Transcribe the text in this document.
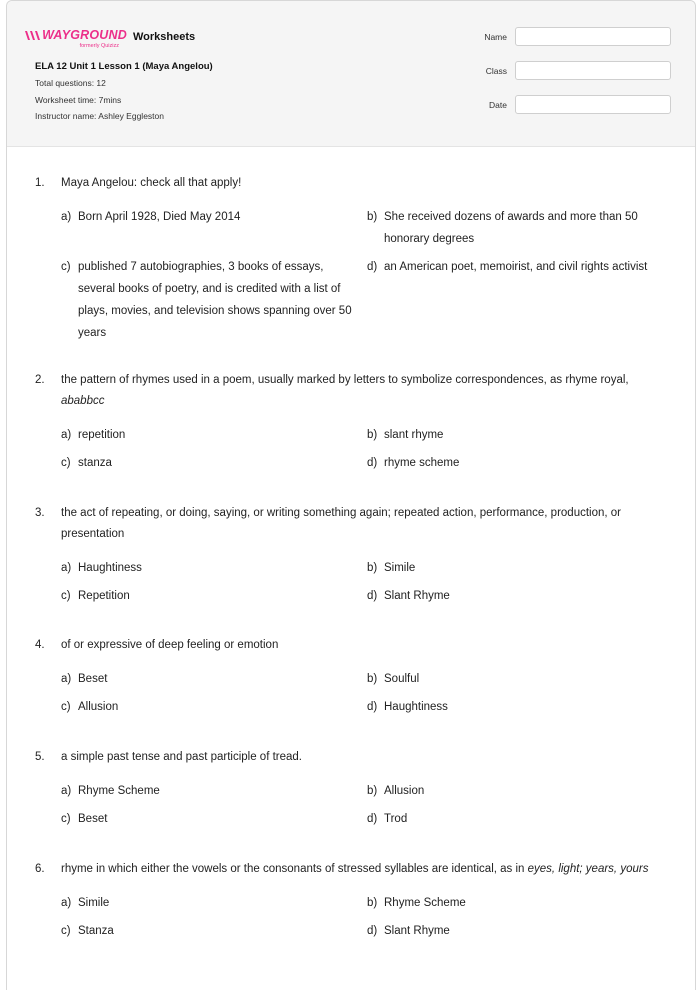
WAYGROUND
formerly Quizizz
Worksheets
ELA 12 Unit 1 Lesson 1 (Maya Angelou)
Total questions: 12
Worksheet time: 7mins
Instructor name: Ashley Eggleston
Name
Class
Date
1. Maya Angelou: check all that apply!
a) Born April 1928, Died May 2014	b) She received dozens of awards and more than 50 honorary degrees
c) published 7 autobiographies, 3 books of essays, several books of poetry, and is credited with a list of plays, movies, and television shows spanning over 50 years
d) an American poet, memoirist, and civil rights activist
2. the pattern of rhymes used in a poem, usually marked by letters to symbolize correspondences, as rhyme royal, ababbcc
a) repetition	b) slant rhyme
c) stanza	d) rhyme scheme
3. the act of repeating, or doing, saying, or writing something again; repeated action, performance, production, or presentation
a) Haughtiness	b) Simile
c) Repetition	d) Slant Rhyme
4. of or expressive of deep feeling or emotion
a) Beset	b) Soulful
c) Allusion	d) Haughtiness
5. a simple past tense and past participle of tread.
a) Rhyme Scheme	b) Allusion
c) Beset	d) Trod
6. rhyme in which either the vowels or the consonants of stressed syllables are identical, as in eyes, light; years, yours
a) Simile	b) Rhyme Scheme
c) Stanza	d) Slant Rhyme
